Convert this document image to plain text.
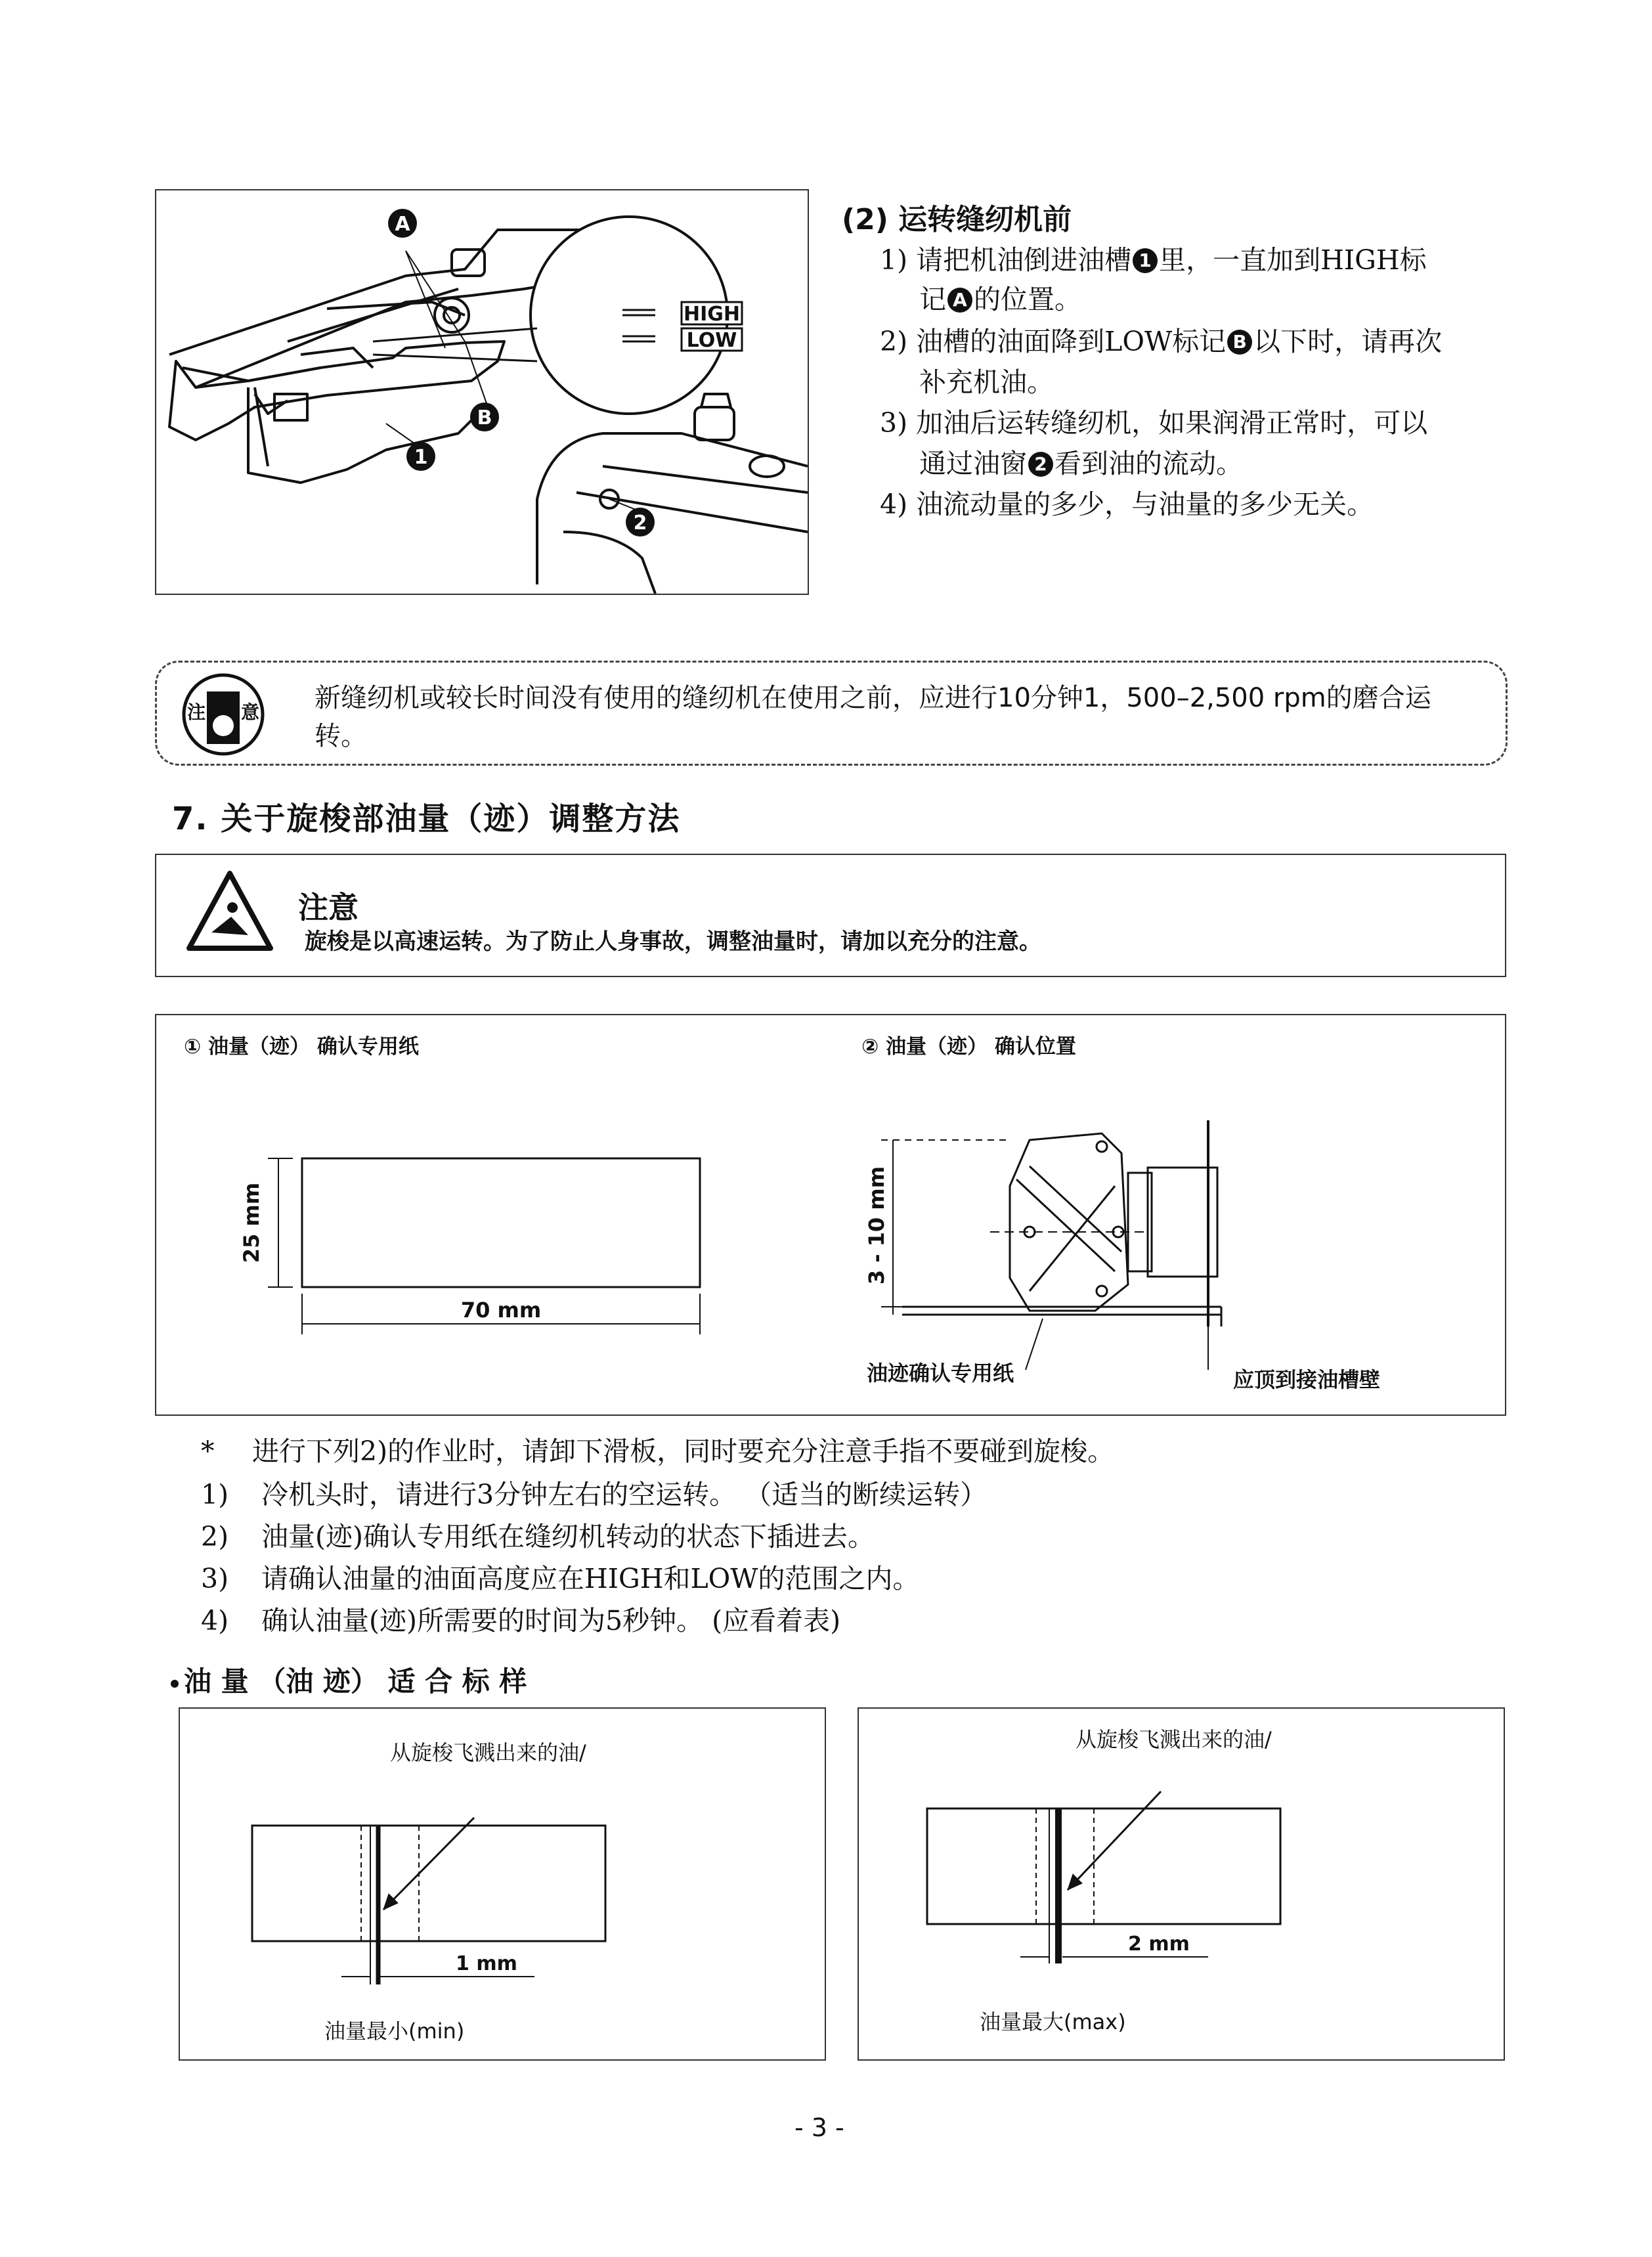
A
B
1
2
HIGH
LOW
(2) 运转缝纫机前
1) 请把机油倒进油槽 1 里，一直加到HIGH标
记 A 的位置。
2) 油槽的油面降到LOW标记 B 以下时，请再次
补充机油。
3) 加油后运转缝纫机，如果润滑正常时，可以
通过油窗 2 看到油的流动。
4) 油流动量的多少，与油量的多少无关。
注 意 新缝纫机或较长时间没有使用的缝纫机在使用之前，应进行10分钟1，500–2,500 rpm的磨合运
转。
7. 关于旋梭部油量（迹）调整方法
注意
旋梭是以高速运转。为了防止人身事故，调整油量时，请加以充分的注意。
① 油量（迹） 确认专用纸	② 油量（迹） 确认位置
25 mm
70 mm
3 - 10 mm
油迹确认专用纸	应顶到接油槽壁
* 进行下列2)的作业时，请卸下滑板，同时要充分注意手指不要碰到旋梭。
1) 冷机头时，请进行3分钟左右的空运转。 （适当的断续运转）
2) 油量(迹)确认专用纸在缝纫机转动的状态下插进去。
3) 请确认油量的油面高度应在HIGH和LOW的范围之内。
4) 确认油量(迹)所需要的时间为5秒钟。 (应看着表)
油 量 （油 迹） 适 合 标 样
从旋梭飞溅出来的油/
1 mm
油量最小(min)
从旋梭飞溅出来的油/
2 mm
油量最大(max)
- 3 -
